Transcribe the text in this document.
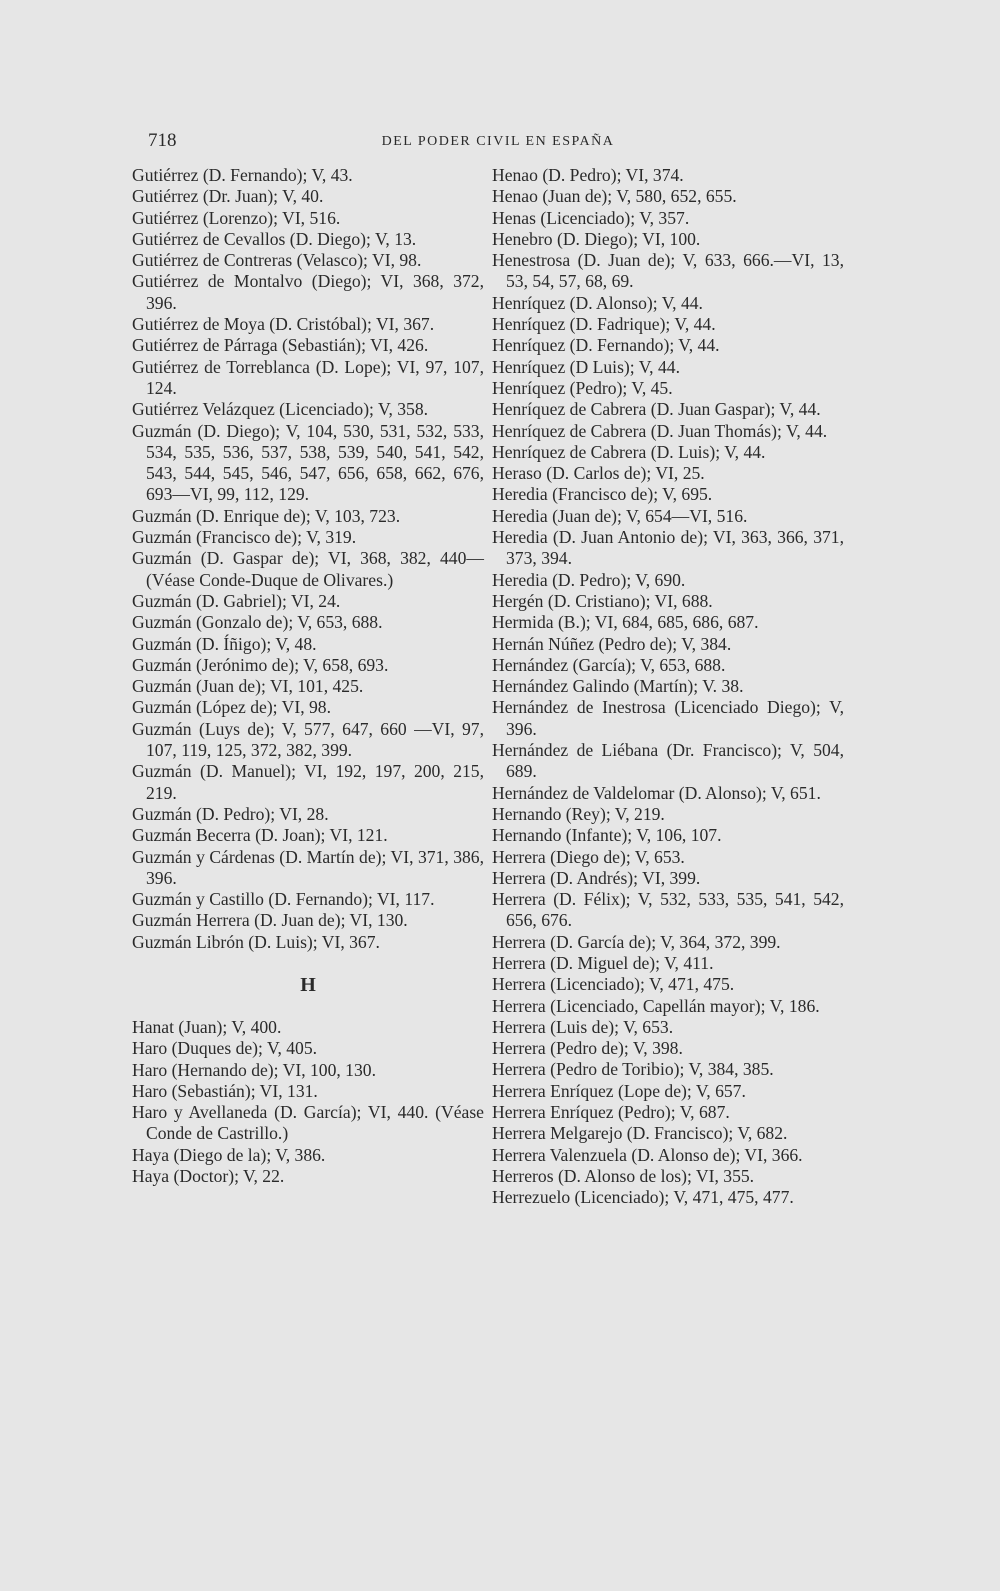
718	DEL PODER CIVIL EN ESPAÑA

Gutiérrez (D. Fernando); V, 43.

Gutiérrez (Dr. Juan); V, 40.

Gutiérrez (Lorenzo); VI, 516.

Gutiérrez de Cevallos (D. Diego); V, 13.

Gutiérrez de Contreras (Velasco); VI, 98.

Gutiérrez de Montalvo (Diego); VI, 368, 372, 396.

Gutiérrez de Moya (D. Cristóbal); VI, 367.

Gutiérrez de Párraga (Sebastián); VI, 426.

Gutiérrez de Torreblanca (D. Lope); VI, 97, 107, 124.

Gutiérrez Velázquez (Licenciado); V, 358.

Guzmán (D. Diego); V, 104, 530, 531, 532, 533, 534, 535, 536, 537, 538, 539, 540, 541, 542, 543, 544, 545, 546, 547, 656, 658, 662, 676, 693—VI, 99, 112, 129.

Guzmán (D. Enrique de); V, 103, 723.

Guzmán (Francisco de); V, 319.

Guzmán (D. Gaspar de); VI, 368, 382, 440—(Véase Conde-Duque de Olivares.)

Guzmán (D. Gabriel); VI, 24.

Guzmán (Gonzalo de); V, 653, 688.

Guzmán (D. Íñigo); V, 48.

Guzmán (Jerónimo de); V, 658, 693.

Guzmán (Juan de); VI, 101, 425.

Guzmán (López de); VI, 98.

Guzmán (Luys de); V, 577, 647, 660 —VI, 97, 107, 119, 125, 372, 382, 399.

Guzmán (D. Manuel); VI, 192, 197, 200, 215, 219.

Guzmán (D. Pedro); VI, 28.

Guzmán Becerra (D. Joan); VI, 121.

Guzmán y Cárdenas (D. Martín de); VI, 371, 386, 396.

Guzmán y Castillo (D. Fernando); VI, 117.

Guzmán Herrera (D. Juan de); VI, 130.

Guzmán Librón (D. Luis); VI, 367.

H

Hanat (Juan); V, 400.

Haro (Duques de); V, 405.

Haro (Hernando de); VI, 100, 130.

Haro (Sebastián); VI, 131.

Haro y Avellaneda (D. García); VI, 440. (Véase Conde de Castrillo.)

Haya (Diego de la); V, 386.

Haya (Doctor); V, 22.

Henao (D. Pedro); VI, 374.

Henao (Juan de); V, 580, 652, 655.

Henas (Licenciado); V, 357.

Henebro (D. Diego); VI, 100.

Henestrosa (D. Juan de); V, 633, 666.—VI, 13, 53, 54, 57, 68, 69.

Henríquez (D. Alonso); V, 44.

Henríquez (D. Fadrique); V, 44.

Henríquez (D. Fernando); V, 44.

Henríquez (D Luis); V, 44.

Henríquez (Pedro); V, 45.

Henríquez de Cabrera (D. Juan Gaspar); V, 44.

Henríquez de Cabrera (D. Juan Thomás); V, 44.

Henríquez de Cabrera (D. Luis); V, 44.

Heraso (D. Carlos de); VI, 25.

Heredia (Francisco de); V, 695.

Heredia (Juan de); V, 654—VI, 516.

Heredia (D. Juan Antonio de); VI, 363, 366, 371, 373, 394.

Heredia (D. Pedro); V, 690.

Hergén (D. Cristiano); VI, 688.

Hermida (B.); VI, 684, 685, 686, 687.

Hernán Núñez (Pedro de); V, 384.

Hernández (García); V, 653, 688.

Hernández Galindo (Martín); V. 38.

Hernández de Inestrosa (Licenciado Diego); V, 396.

Hernández de Liébana (Dr. Francisco); V, 504, 689.

Hernández de Valdelomar (D. Alonso); V, 651.

Hernando (Rey); V, 219.

Hernando (Infante); V, 106, 107.

Herrera (Diego de); V, 653.

Herrera (D. Andrés); VI, 399.

Herrera (D. Félix); V, 532, 533, 535, 541, 542, 656, 676.

Herrera (D. García de); V, 364, 372, 399.

Herrera (D. Miguel de); V, 411.

Herrera (Licenciado); V, 471, 475.

Herrera (Licenciado, Capellán mayor); V, 186.

Herrera (Luis de); V, 653.

Herrera (Pedro de); V, 398.

Herrera (Pedro de Toribio); V, 384, 385.

Herrera Enríquez (Lope de); V, 657.

Herrera Enríquez (Pedro); V, 687.

Herrera Melgarejo (D. Francisco); V, 682.

Herrera Valenzuela (D. Alonso de); VI, 366.

Herreros (D. Alonso de los); VI, 355.

Herrezuelo (Licenciado); V, 471, 475, 477.
